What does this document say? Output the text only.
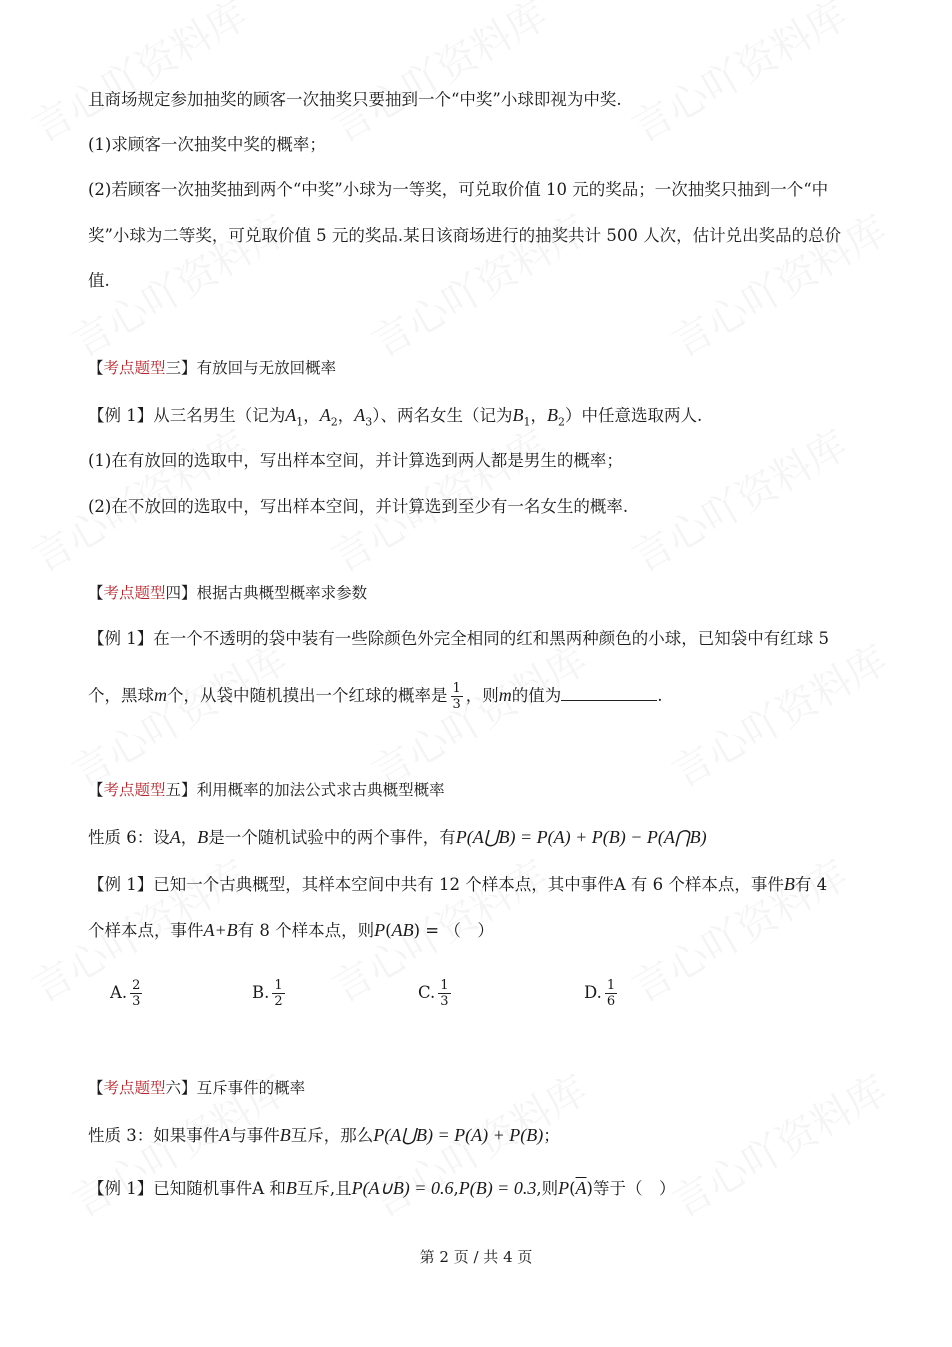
且商场规定参加抽奖的顾客一次抽奖只要抽到一个“中奖”小球即视为中奖.
(1)求顾客一次抽奖中奖的概率；
(2)若顾客一次抽奖抽到两个“中奖”小球为一等奖，可兑取价值 10 元的奖品；一次抽奖只抽到一个“中
奖”小球为二等奖，可兑取价值 5 元的奖品.某日该商场进行的抽奖共计 500 人次，估计兑出奖品的总价
值.
【考点题型三】有放回与无放回概率
【例 1】从三名男生（记为$A_1$，$A_2$，$A_3$）、两名女生（记为$B_1$，$B_2$）中任意选取两人.
(1)在有放回的选取中，写出样本空间，并计算选到两人都是男生的概率；
(2)在不放回的选取中，写出样本空间，并计算选到至少有一名女生的概率.
【考点题型四】根据古典概型概率求参数
【例 1】在一个不透明的袋中装有一些除颜色外完全相同的红和黑两种颜色的小球，已知袋中有红球 5
个，黑球m个，从袋中随机摸出一个红球的概率是 $\frac{1}{3}$ ，则m的值为	.
【考点题型五】利用概率的加法公式求古典概型概率
性质 6：设A，B是一个随机试验中的两个事件，有P(A⋃B) = P(A) + P(B) − P(A⋂B)
【例 1】已知一个古典概型，其样本空间中共有 12 个样本点，其中事件A 有 6 个样本点，事件B有 4
个样本点，事件A+B有 8 个样本点，则P(AB) = （　）
A. $\frac{2}{3}$	B. $\frac{1}{2}$	C. $\frac{1}{3}$	D. $\frac{1}{6}$
【考点题型六】互斥事件的概率
性质 3：如果事件A与事件B互斥，那么P(A⋃B) = P(A) + P(B)；
【例 1】已知随机事件A 和B互斥,且P(A∪B) = 0.6,P(B) = 0.3,则$P(\overline{A})$等于（　）
第 2 页 / 共 4 页
